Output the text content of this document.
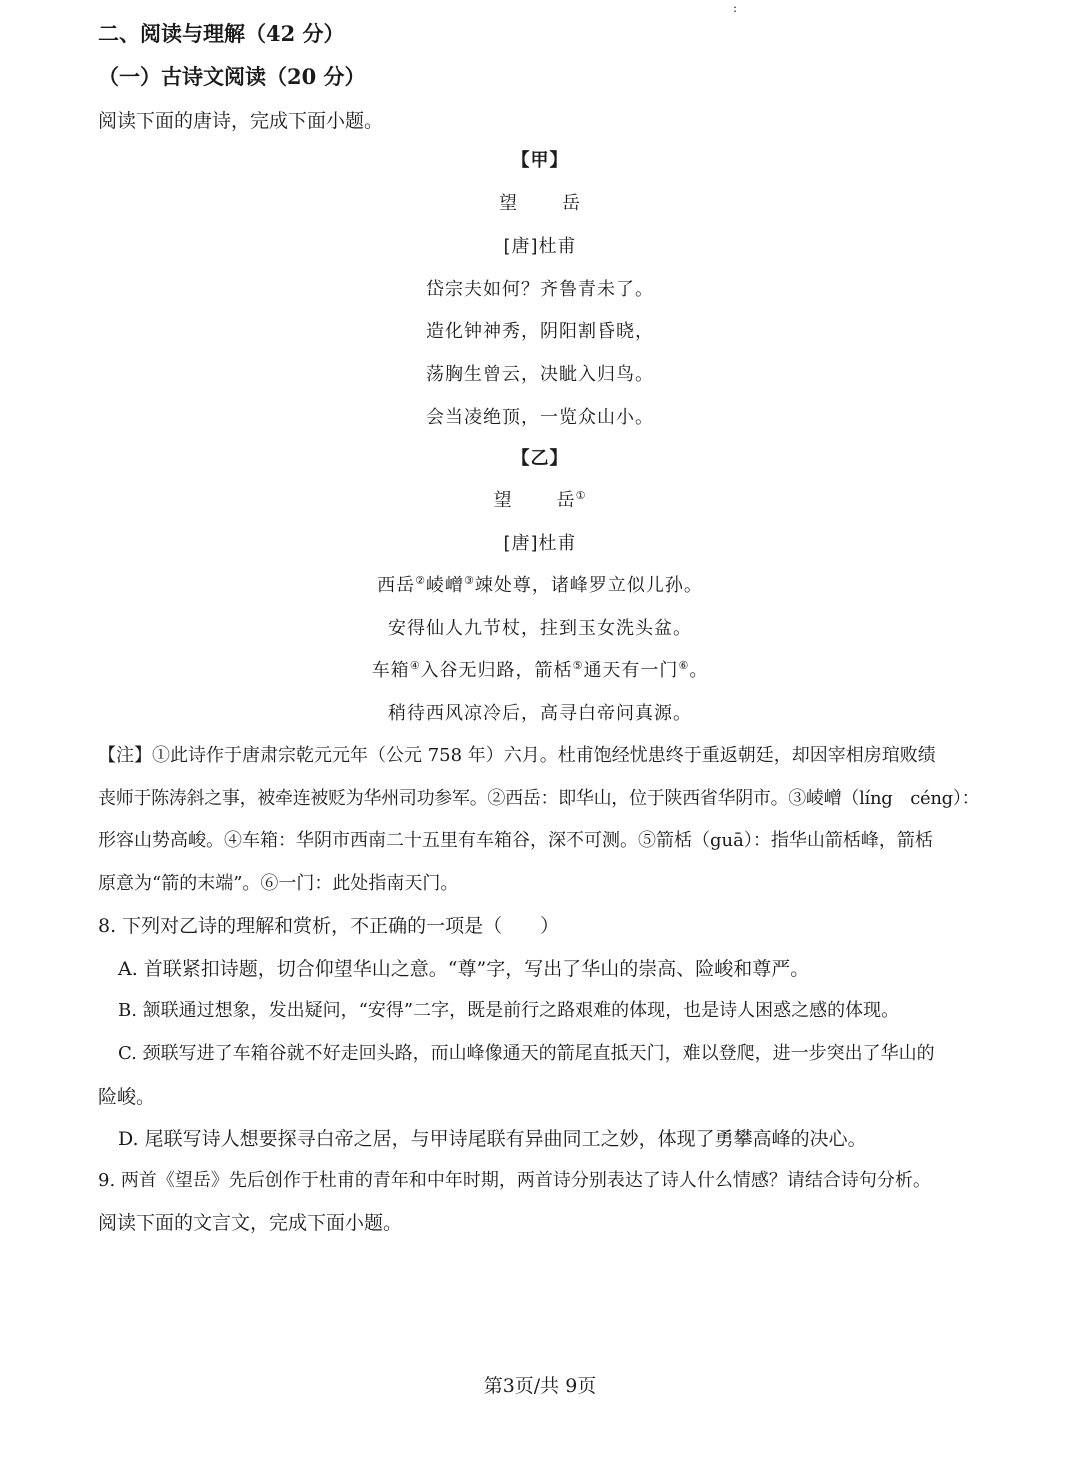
:
二、阅读与理解（42 分）
（一）古诗文阅读（20 分）
阅读下面的唐诗，完成下面小题。
【甲】
望 岳
[唐]杜甫
岱宗夫如何？齐鲁青未了。
造化钟神秀，阴阳割昏晓，
荡胸生曾云，决眦入归鸟。
会当凌绝顶，一览众山小。
【乙】
望 岳①
[唐]杜甫
西岳②崚嶒③竦处尊，诸峰罗立似儿孙。
安得仙人九节杖，拄到玉女洗头盆。
车箱④入谷无归路，箭栝⑤通天有一门⑥。
稍待西风凉冷后，高寻白帝问真源。
【注】①此诗作于唐肃宗乾元元年（公元 758 年）六月。杜甫饱经忧患终于重返朝廷，却因宰相房琯败绩
丧师于陈涛斜之事，被牵连被贬为华州司功参军。②西岳：即华山，位于陕西省华阴市。③崚嶒（líng　céng）：
形容山势高峻。④车箱：华阴市西南二十五里有车箱谷，深不可测。⑤箭栝（guā）：指华山箭栝峰，箭栝
原意为“箭的末端”。⑥一门：此处指南天门。
8. 下列对乙诗的理解和赏析，不正确的一项是（　　）
A. 首联紧扣诗题，切合仰望华山之意。“尊”字，写出了华山的崇高、险峻和尊严。
B. 颔联通过想象，发出疑问，“安得”二字，既是前行之路艰难的体现，也是诗人困惑之感的体现。
C. 颈联写进了车箱谷就不好走回头路，而山峰像通天的箭尾直抵天门，难以登爬，进一步突出了华山的
险峻。
D. 尾联写诗人想要探寻白帝之居，与甲诗尾联有异曲同工之妙，体现了勇攀高峰的决心。
9. 两首《望岳》先后创作于杜甫的青年和中年时期，两首诗分别表达了诗人什么情感？请结合诗句分析。
阅读下面的文言文，完成下面小题。
第3页/共 9页
